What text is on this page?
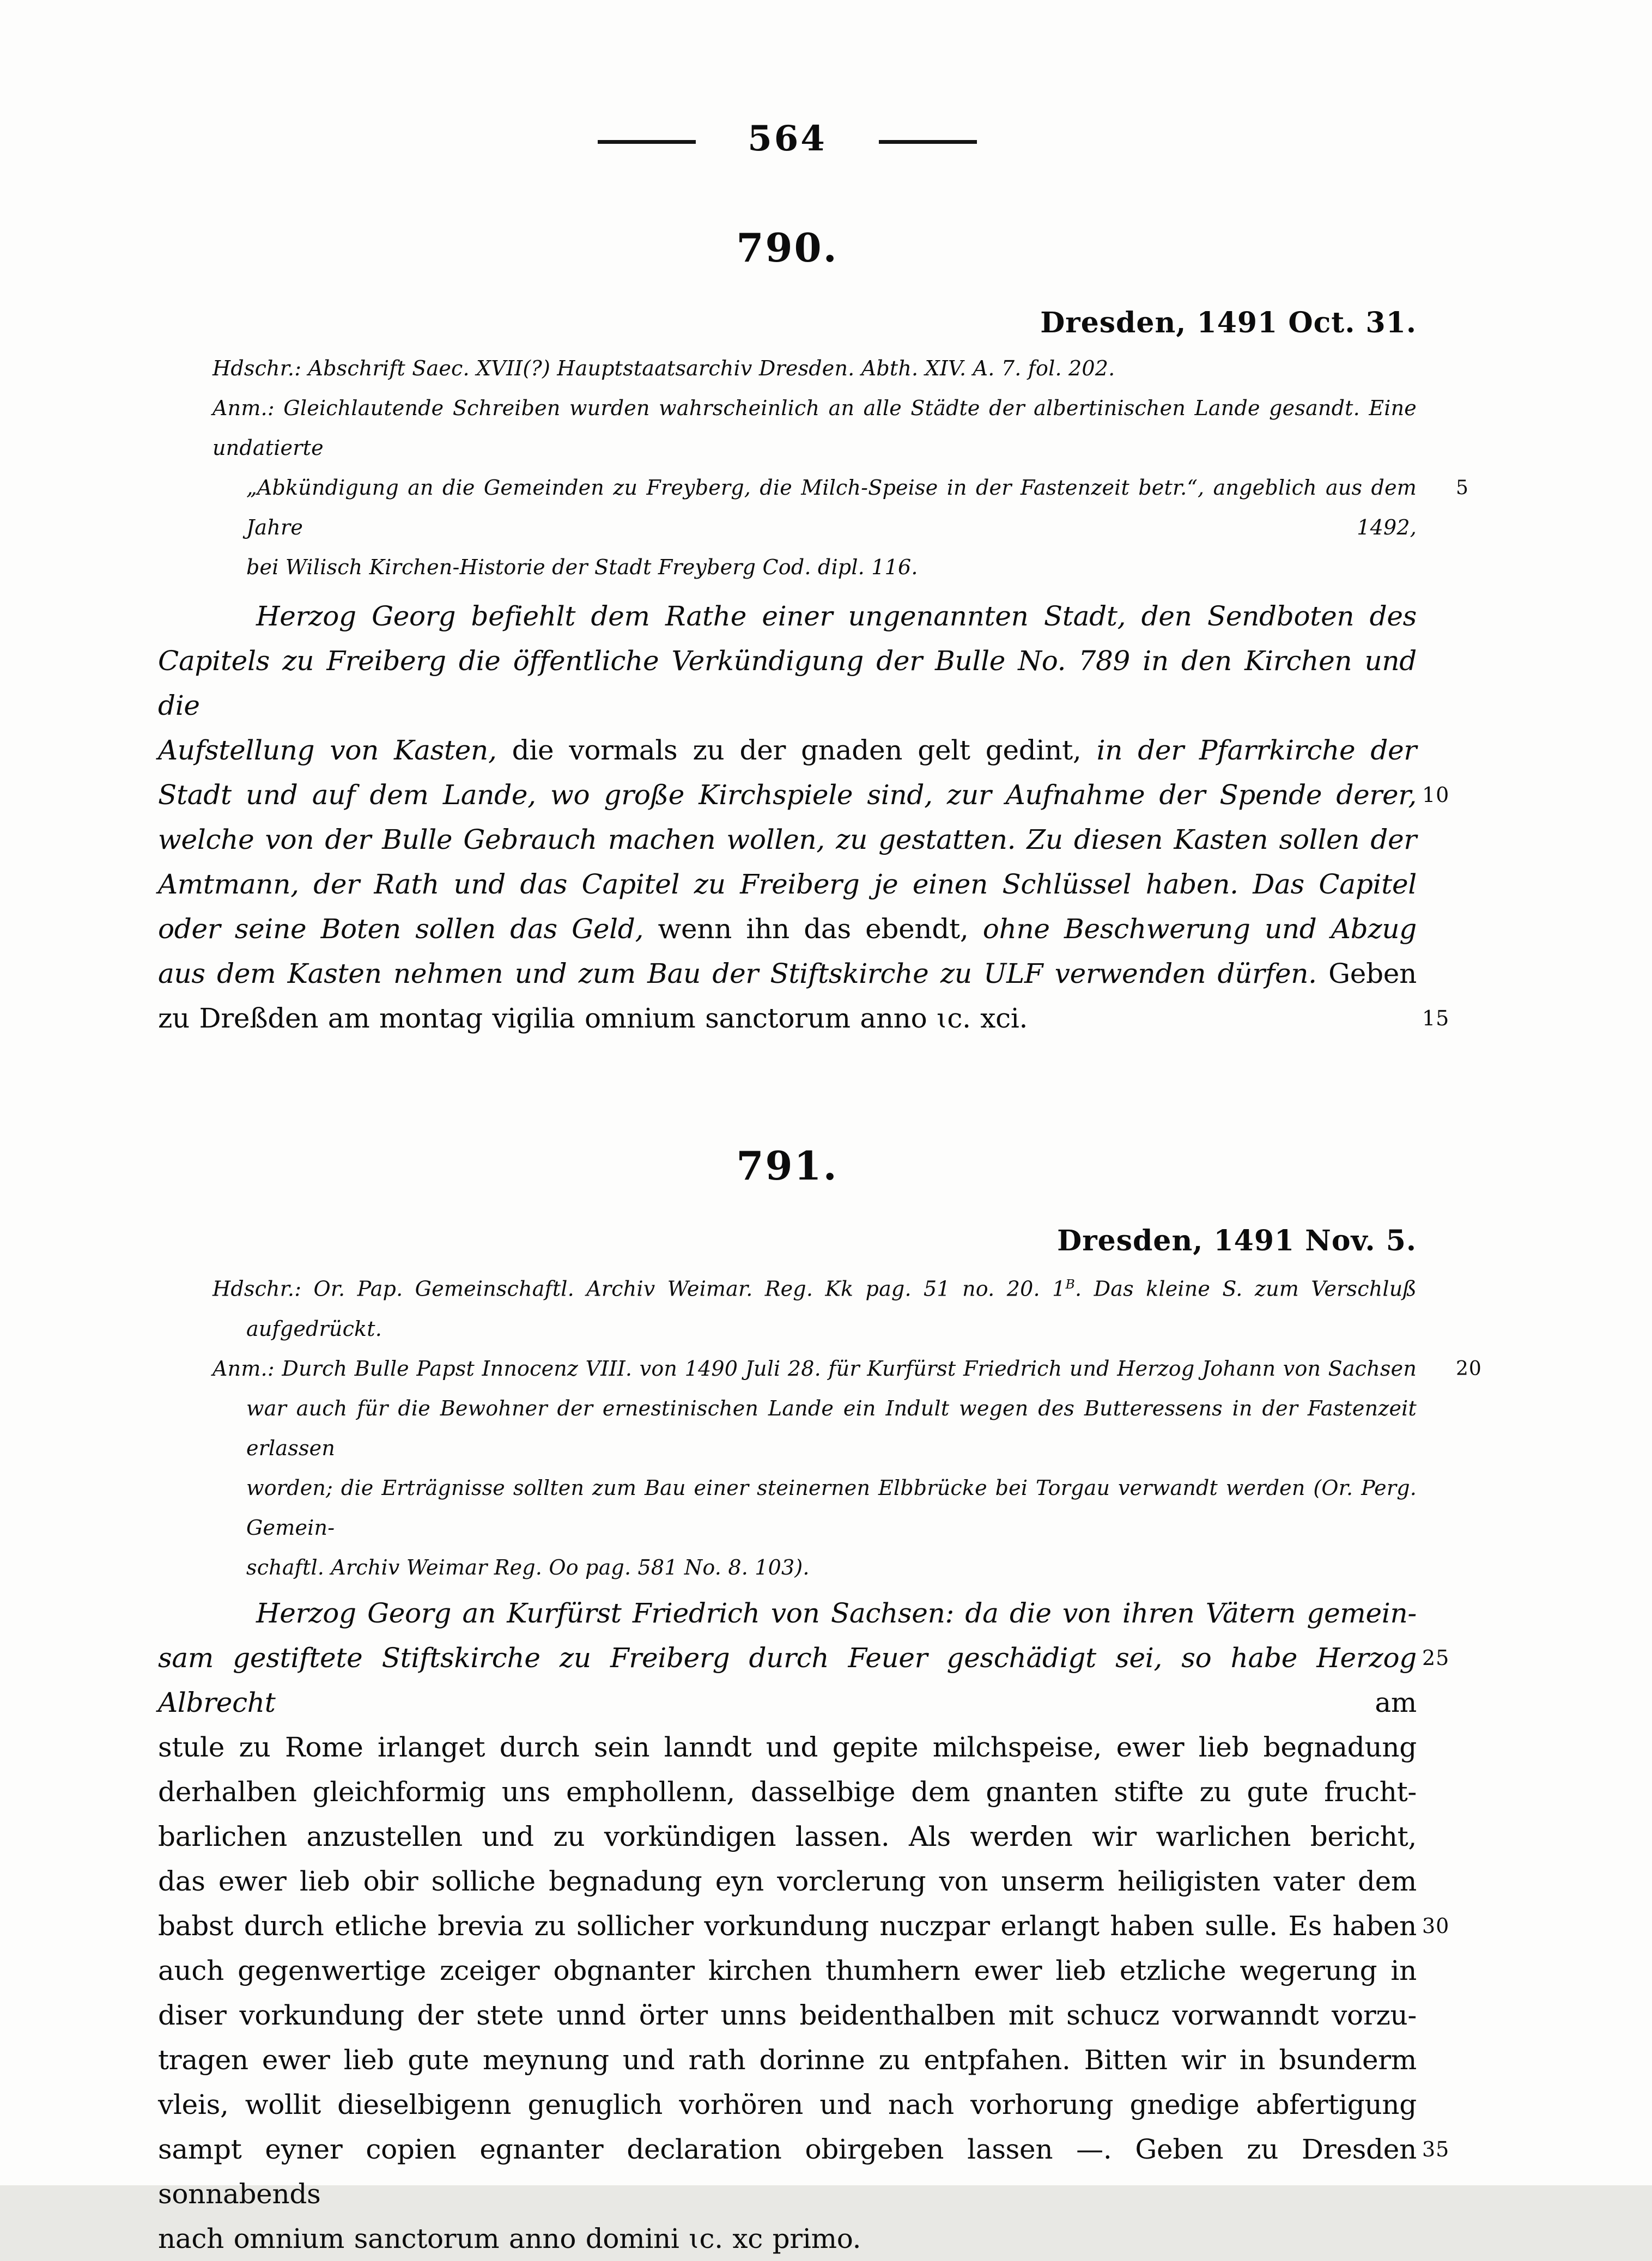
564
790.
Dresden, 1491 Oct. 31.
Hdschr.: Abschrift Saec. XVII(?) Hauptstaatsarchiv Dresden. Abth. XIV. A. 7. fol. 202.
Anm.: Gleichlautende Schreiben wurden wahrscheinlich an alle Städte der albertinischen Lande gesandt. Eine undatierte
„Abkündigung an die Gemeinden zu Freyberg, die Milch-Speise in der Fastenzeit betr.“, angeblich aus dem Jahre 1492,
5
bei Wilisch Kirchen-Historie der Stadt Freyberg Cod. dipl. 116.
Herzog Georg befiehlt dem Rathe einer ungenannten Stadt, den Sendboten des
Capitels zu Freiberg die öffentliche Verkündigung der Bulle No. 789 in den Kirchen und die
Aufstellung von Kasten, die vormals zu der gnaden gelt gedint, in der Pfarrkirche der
Stadt und auf dem Lande, wo große Kirchspiele sind, zur Aufnahme der Spende derer, 10
welche von der Bulle Gebrauch machen wollen, zu gestatten. Zu diesen Kasten sollen der
Amtmann, der Rath und das Capitel zu Freiberg je einen Schlüssel haben. Das Capitel
oder seine Boten sollen das Geld, wenn ihn das ebendt, ohne Beschwerung und Abzug
aus dem Kasten nehmen und zum Bau der Stiftskirche zu ULF verwenden dürfen. Geben
zu Dreßden am montag vigilia omnium sanctorum anno ɩc. xci.	15
791.
Dresden, 1491 Nov. 5.
Hdschr.: Or. Pap. Gemeinschaftl. Archiv Weimar. Reg. Kk pag. 51 no. 20. $1^B$. Das kleine S. zum Verschluß
aufgedrückt.
Anm.: Durch Bulle Papst Innocenz VIII. von 1490 Juli 28. für Kurfürst Friedrich und Herzog Johann von Sachsen 20
war auch für die Bewohner der ernestinischen Lande ein Indult wegen des Butteressens in der Fastenzeit erlassen
worden; die Erträgnisse sollten zum Bau einer steinernen Elbbrücke bei Torgau verwandt werden (Or. Perg. Gemein-
schaftl. Archiv Weimar Reg. Oo pag. 581 No. 8. 103).
Herzog Georg an Kurfürst Friedrich von Sachsen: da die von ihren Vätern gemein-
sam gestiftete Stiftskirche zu Freiberg durch Feuer geschädigt sei, so habe Herzog Albrecht am
25
stule zu Rome irlanget durch sein lanndt und gepite milchspeise, ewer lieb begnadung
derhalben gleichformig uns emphollenn, dasselbige dem gnanten stifte zu gute frucht-
barlichen anzustellen und zu vorkündigen lassen. Als werden wir warlichen bericht,
das ewer lieb obir solliche begnadung eyn vorclerung von unserm heiligisten vater dem
babst durch etliche brevia zu sollicher vorkundung nuczpar erlangt haben sulle. Es haben 30
auch gegenwertige zceiger obgnanter kirchen thumhern ewer lieb etzliche wegerung in
diser vorkundung der stete unnd örter unns beidenthalben mit schucz vorwanndt vorzu-
tragen ewer lieb gute meynung und rath dorinne zu entpfahen. Bitten wir in bsunderm
vleis, wollit dieselbigenn genuglich vorhören und nach vorhorung gnedige abfertigung
sampt eyner copien egnanter declaration obirgeben lassen —. Geben zu Dresden sonnabends
35
nach omnium sanctorum anno domini ɩc. xc primo.
